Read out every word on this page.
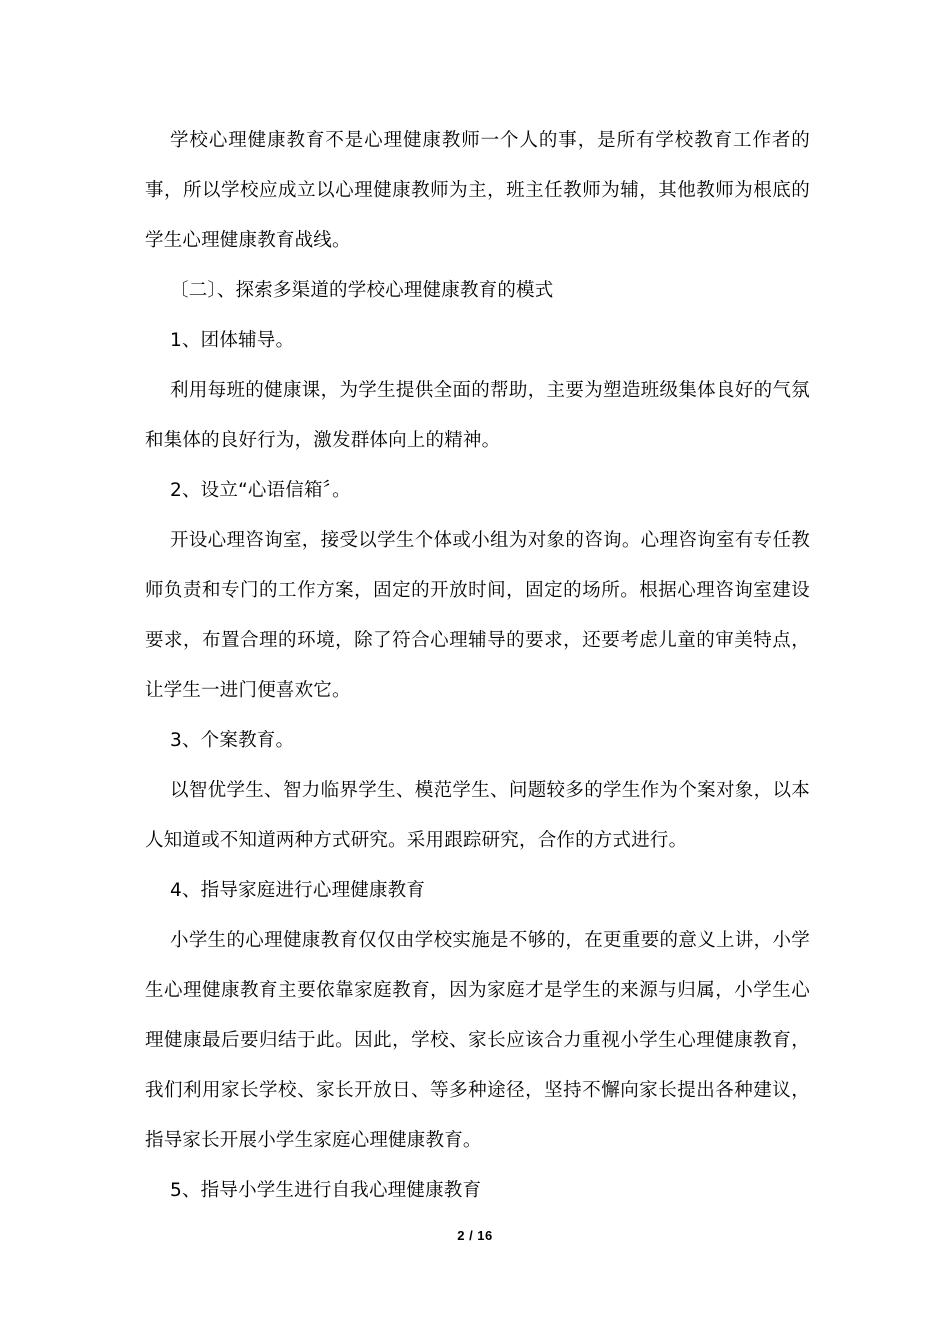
学校心理健康教育不是心理健康教师一个人的事，是所有学校教育工作者的事，所以学校应成立以心理健康教师为主，班主任教师为辅，其他教师为根底的学生心理健康教育战线。

〔二〕、探索多渠道的学校心理健康教育的模式

1、团体辅导。

利用每班的健康课，为学生提供全面的帮助，主要为塑造班级集体良好的气氛和集体的良好行为，激发群体向上的精神。

2、设立“心语信箱〞。

开设心理咨询室，接受以学生个体或小组为对象的咨询。心理咨询室有专任教师负责和专门的工作方案，固定的开放时间，固定的场所。根据心理咨询室建设要求，布置合理的环境，除了符合心理辅导的要求，还要考虑儿童的审美特点，让学生一进门便喜欢它。

3、个案教育。

以智优学生、智力临界学生、模范学生、问题较多的学生作为个案对象，以本人知道或不知道两种方式研究。采用跟踪研究，合作的方式进行。

4、指导家庭进行心理健康教育

小学生的心理健康教育仅仅由学校实施是不够的，在更重要的意义上讲，小学生心理健康教育主要依靠家庭教育，因为家庭才是学生的来源与归属，小学生心理健康最后要归结于此。因此，学校、家长应该合力重视小学生心理健康教育，我们利用家长学校、家长开放日、等多种途径，坚持不懈向家长提出各种建议，指导家长开展小学生家庭心理健康教育。

5、指导小学生进行自我心理健康教育

2 / 16
